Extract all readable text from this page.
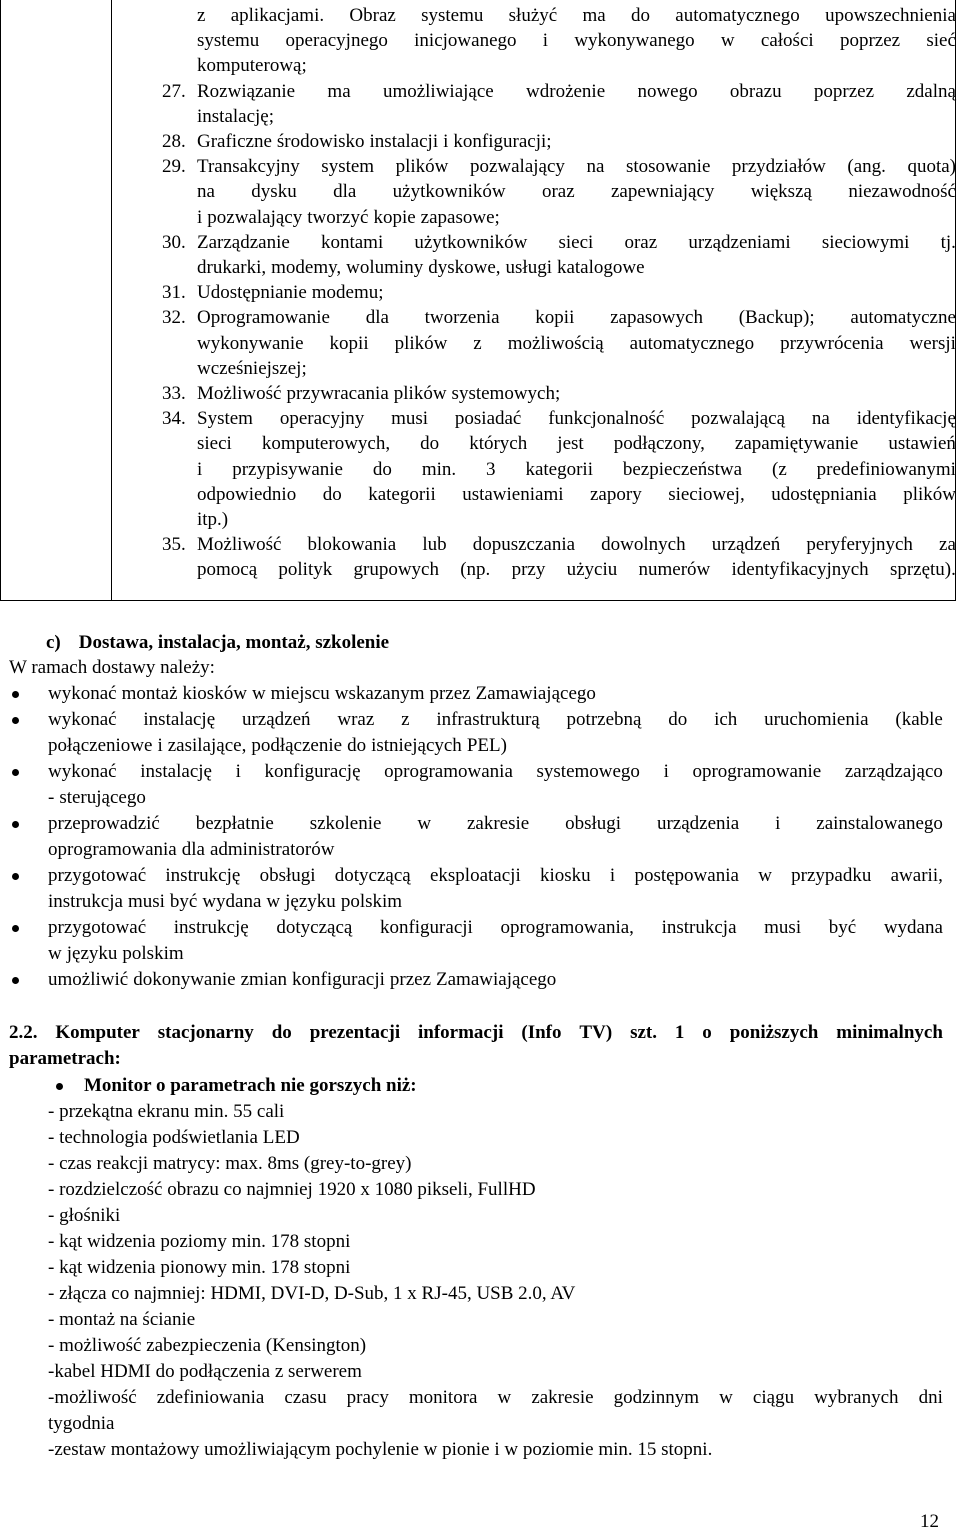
z aplikacjami. Obraz systemu służyć ma do automatycznego upowszechnienia
systemu operacyjnego inicjowanego i wykonywanego w całości poprzez sieć
komputerową;
27. Rozwiązanie ma umożliwiające wdrożenie nowego obrazu poprzez zdalną
instalację;
28. Graficzne środowisko instalacji i konfiguracji;
29. Transakcyjny system plików pozwalający na stosowanie przydziałów (ang. quota)
na dysku dla użytkowników oraz zapewniający większą niezawodność
i pozwalający tworzyć kopie zapasowe;
30. Zarządzanie kontami użytkowników sieci oraz urządzeniami sieciowymi tj.
drukarki, modemy, woluminy dyskowe, usługi katalogowe
31. Udostępnianie modemu;
32. Oprogramowanie dla tworzenia kopii zapasowych (Backup); automatyczne
wykonywanie kopii plików z możliwością automatycznego przywrócenia wersji
wcześniejszej;
33. Możliwość przywracania plików systemowych;
34. System operacyjny musi posiadać funkcjonalność pozwalającą na identyfikację
sieci komputerowych, do których jest podłączony, zapamiętywanie ustawień
i przypisywanie do min. 3 kategorii bezpieczeństwa (z predefiniowanymi
odpowiednio do kategorii ustawieniami zapory sieciowej, udostępniania plików
itp.)
35. Możliwość blokowania lub dopuszczania dowolnych urządzeń peryferyjnych za
pomocą polityk grupowych (np. przy użyciu numerów identyfikacyjnych sprzętu).
c) Dostawa, instalacja, montaż, szkolenie
W ramach dostawy należy:
wykonać montaż kiosków w miejscu wskazanym przez Zamawiającego
wykonać instalację urządzeń wraz z infrastrukturą potrzebną do ich uruchomienia (kable
połączeniowe i zasilające, podłączenie do istniejących PEL)
wykonać instalację i konfigurację oprogramowania systemowego i oprogramowanie zarządzająco
- sterującego
przeprowadzić bezpłatnie szkolenie w zakresie obsługi urządzenia i zainstalowanego
oprogramowania dla administratorów
przygotować instrukcję obsługi dotyczącą eksploatacji kiosku i postępowania w przypadku awarii,
instrukcja musi być wydana w języku polskim
przygotować instrukcję dotyczącą konfiguracji oprogramowania, instrukcja musi być wydana
w języku polskim
umożliwić dokonywanie zmian konfiguracji przez Zamawiającego
2.2. Komputer stacjonarny do prezentacji informacji (Info TV) szt. 1 o poniższych minimalnych
parametrach:
Monitor o parametrach nie gorszych niż:
- przekątna ekranu min. 55 cali
- technologia podświetlania LED
- czas reakcji matrycy: max. 8ms (grey-to-grey)
- rozdzielczość obrazu co najmniej 1920 x 1080 pikseli, FullHD
- głośniki
- kąt widzenia poziomy min. 178 stopni
- kąt widzenia pionowy min. 178 stopni
- złącza co najmniej: HDMI, DVI-D, D-Sub, 1 x RJ-45, USB 2.0, AV
- montaż na ścianie
- możliwość zabezpieczenia (Kensington)
-kabel HDMI do podłączenia z serwerem
-możliwość zdefiniowania czasu pracy monitora w zakresie godzinnym w ciągu wybranych dni
tygodnia
-zestaw montażowy umożliwiającym pochylenie w pionie i w poziomie min. 15 stopni.
12
